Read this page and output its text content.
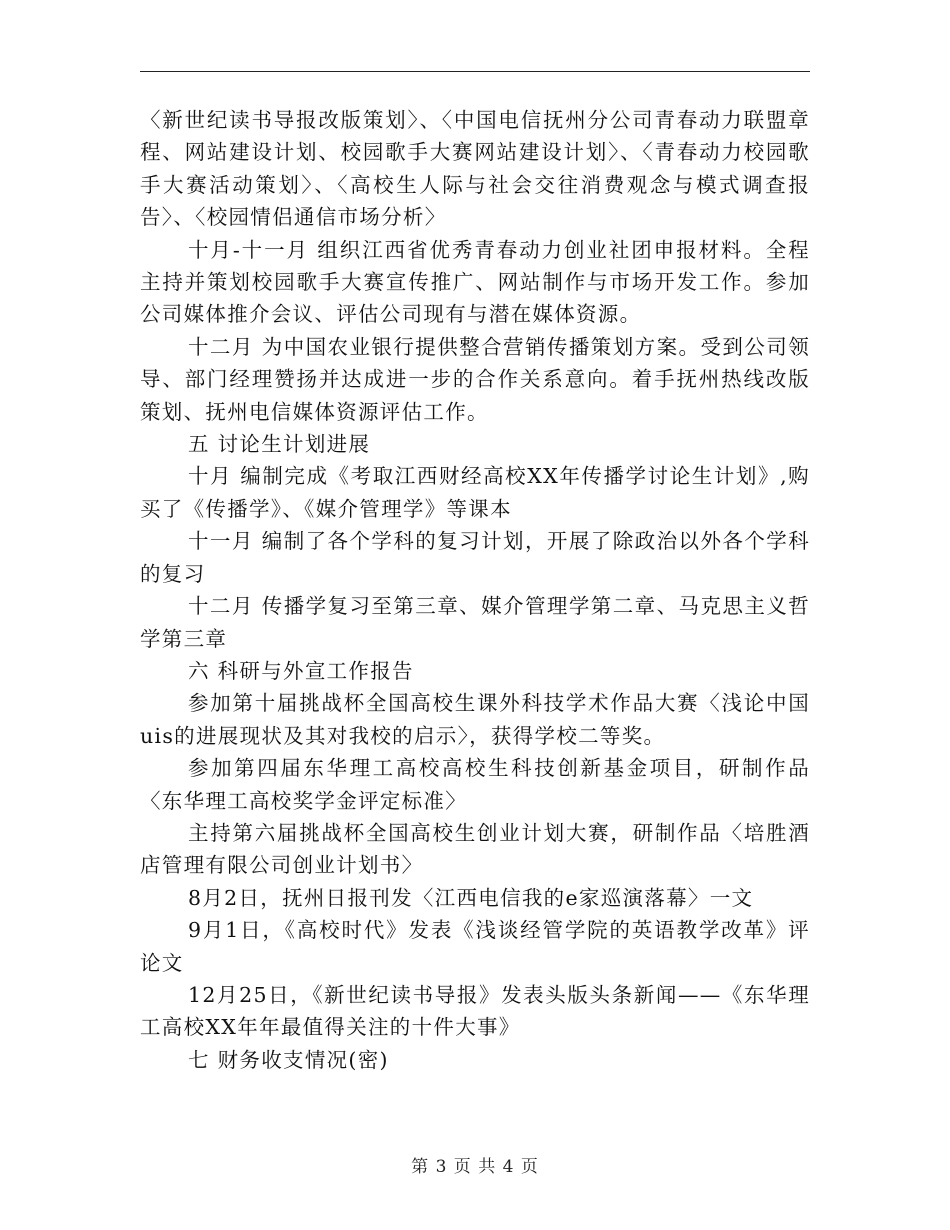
〈新世纪读书导报改版策划〉、〈中国电信抚州分公司青春动力联盟章程、网站建设计划、校园歌手大赛网站建设计划〉、〈青春动力校园歌手大赛活动策划〉、〈高校生人际与社会交往消费观念与模式调查报告〉、〈校园情侣通信市场分析〉

十月-十一月 组织江西省优秀青春动力创业社团申报材料。全程主持并策划校园歌手大赛宣传推广、网站制作与市场开发工作。参加公司媒体推介会议、评估公司现有与潜在媒体资源。

十二月 为中国农业银行提供整合营销传播策划方案。受到公司领导、部门经理赞扬并达成进一步的合作关系意向。着手抚州热线改版策划、抚州电信媒体资源评估工作。

五 讨论生计划进展

十月 编制完成《考取江西财经高校XX年传播学讨论生计划》,购买了《传播学》、《媒介管理学》等课本

十一月 编制了各个学科的复习计划，开展了除政治以外各个学科的复习

十二月 传播学复习至第三章、媒介管理学第二章、马克思主义哲学第三章

六 科研与外宣工作报告

参加第十届挑战杯全国高校生课外科技学术作品大赛〈浅论中国uis的进展现状及其对我校的启示〉，获得学校二等奖。

参加第四届东华理工高校高校生科技创新基金项目，研制作品〈东华理工高校奖学金评定标准〉

主持第六届挑战杯全国高校生创业计划大赛，研制作品〈培胜酒店管理有限公司创业计划书〉

8月2日，抚州日报刊发〈江西电信我的e家巡演落幕〉一文

9月1日，《高校时代》发表《浅谈经管学院的英语教学改革》评论文

12月25日，《新世纪读书导报》发表头版头条新闻——《东华理工高校XX年年最值得关注的十件大事》

七 财务收支情况(密)

第 3 页 共 4 页
